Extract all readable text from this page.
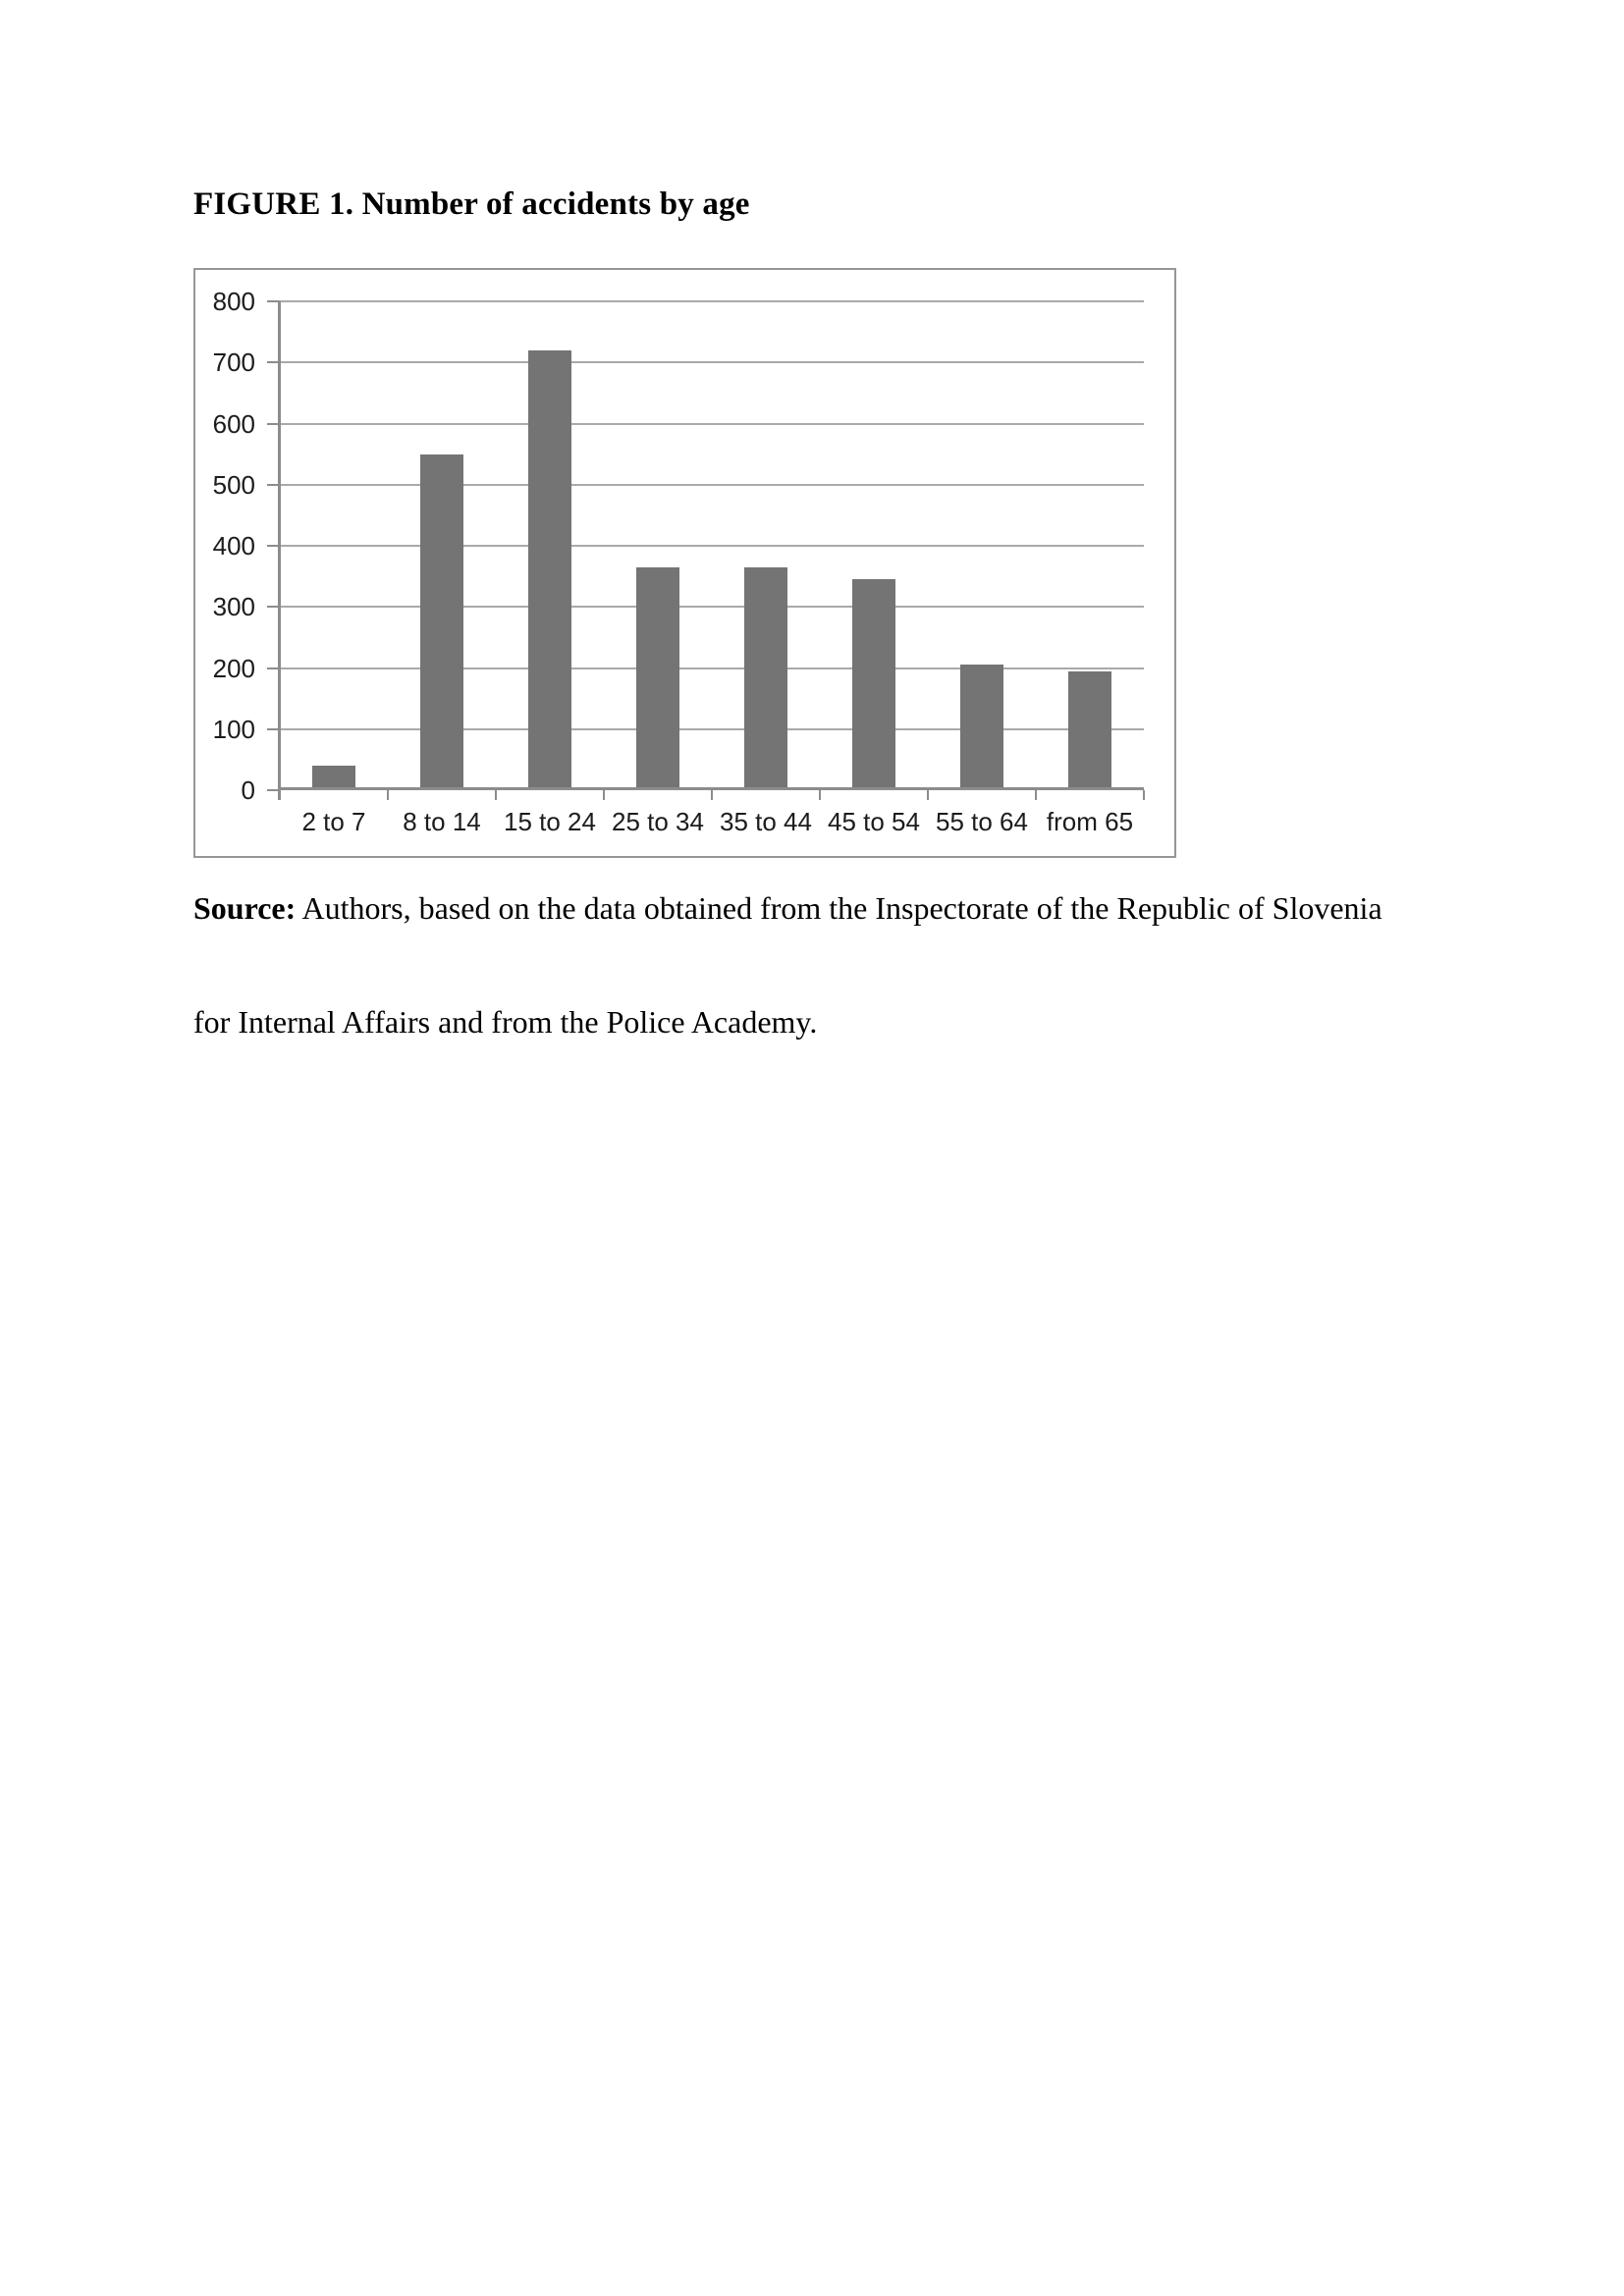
FIGURE 1. Number of accidents by age
0
100
200
300
400
500
600
700
800
2 to 7	8 to 14 15 to 24 25 to 34 35 to 44 45 to 54 55 to 64 from 65

Source: Authors, based on the data obtained from the Inspectorate of the Republic of Slovenia
for Internal Affairs and from the Police Academy.
